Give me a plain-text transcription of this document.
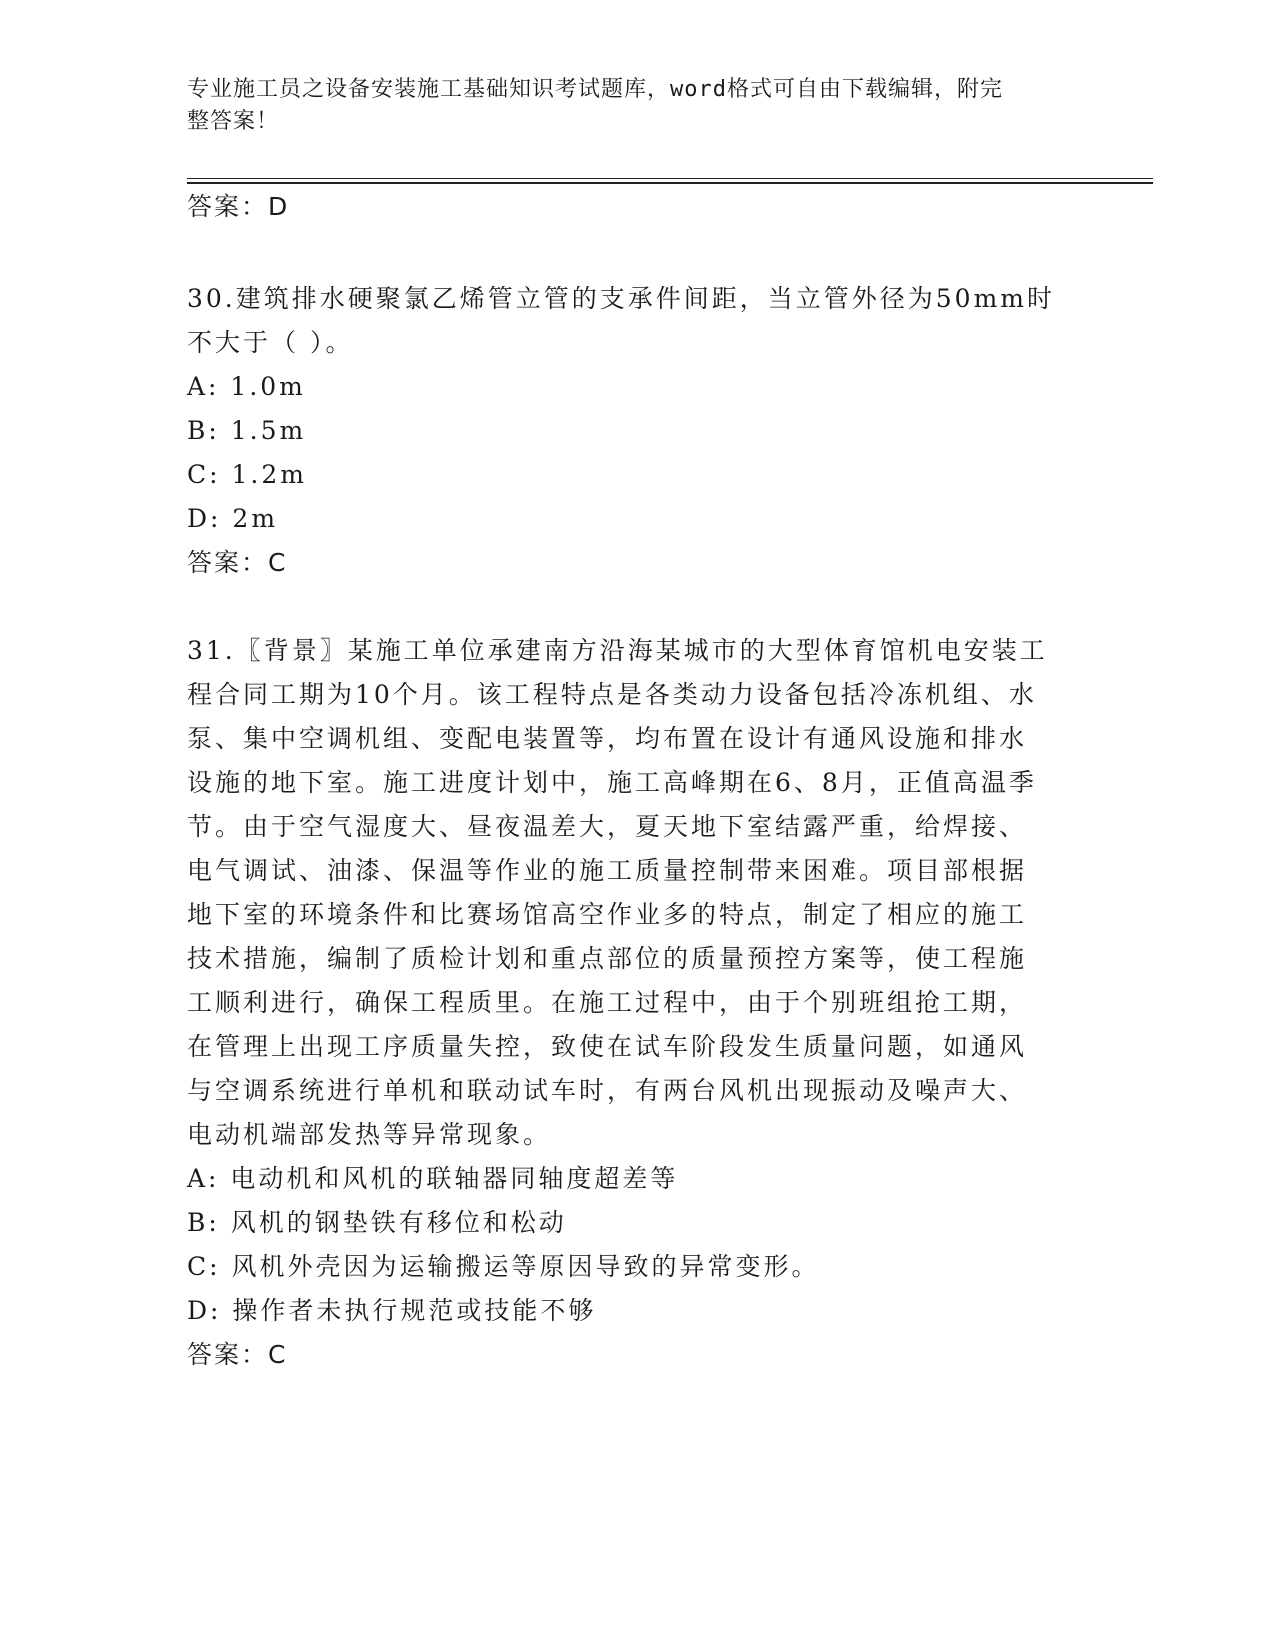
专业施工员之设备安装施工基础知识考试题库，word格式可自由下载编辑，附完
整答案！
答案：D
30.建筑排水硬聚氯乙烯管立管的支承件间距，当立管外径为50mm时
不大于（ ）。
A: 1.0m
B: 1.5m
C: 1.2m
D: 2m
答案：C
31.〖背景〗某施工单位承建南方沿海某城市的大型体育馆机电安装工
程合同工期为10个月。该工程特点是各类动力设备包括冷冻机组、水
泵、集中空调机组、变配电装置等，均布置在设计有通风设施和排水
设施的地下室。施工进度计划中，施工高峰期在6、8月，正值高温季
节。由于空气湿度大、昼夜温差大，夏天地下室结露严重，给焊接、
电气调试、油漆、保温等作业的施工质量控制带来困难。项目部根据
地下室的环境条件和比赛场馆高空作业多的特点，制定了相应的施工
技术措施，编制了质检计划和重点部位的质量预控方案等，使工程施
工顺利进行，确保工程质里。在施工过程中，由于个别班组抢工期，
在管理上出现工序质量失控，致使在试车阶段发生质量问题，如通风
与空调系统进行单机和联动试车时，有两台风机出现振动及噪声大、
电动机端部发热等异常现象。
A: 电动机和风机的联轴器同轴度超差等
B: 风机的钢垫铁有移位和松动
C: 风机外壳因为运输搬运等原因导致的异常变形。
D: 操作者未执行规范或技能不够
答案：C
